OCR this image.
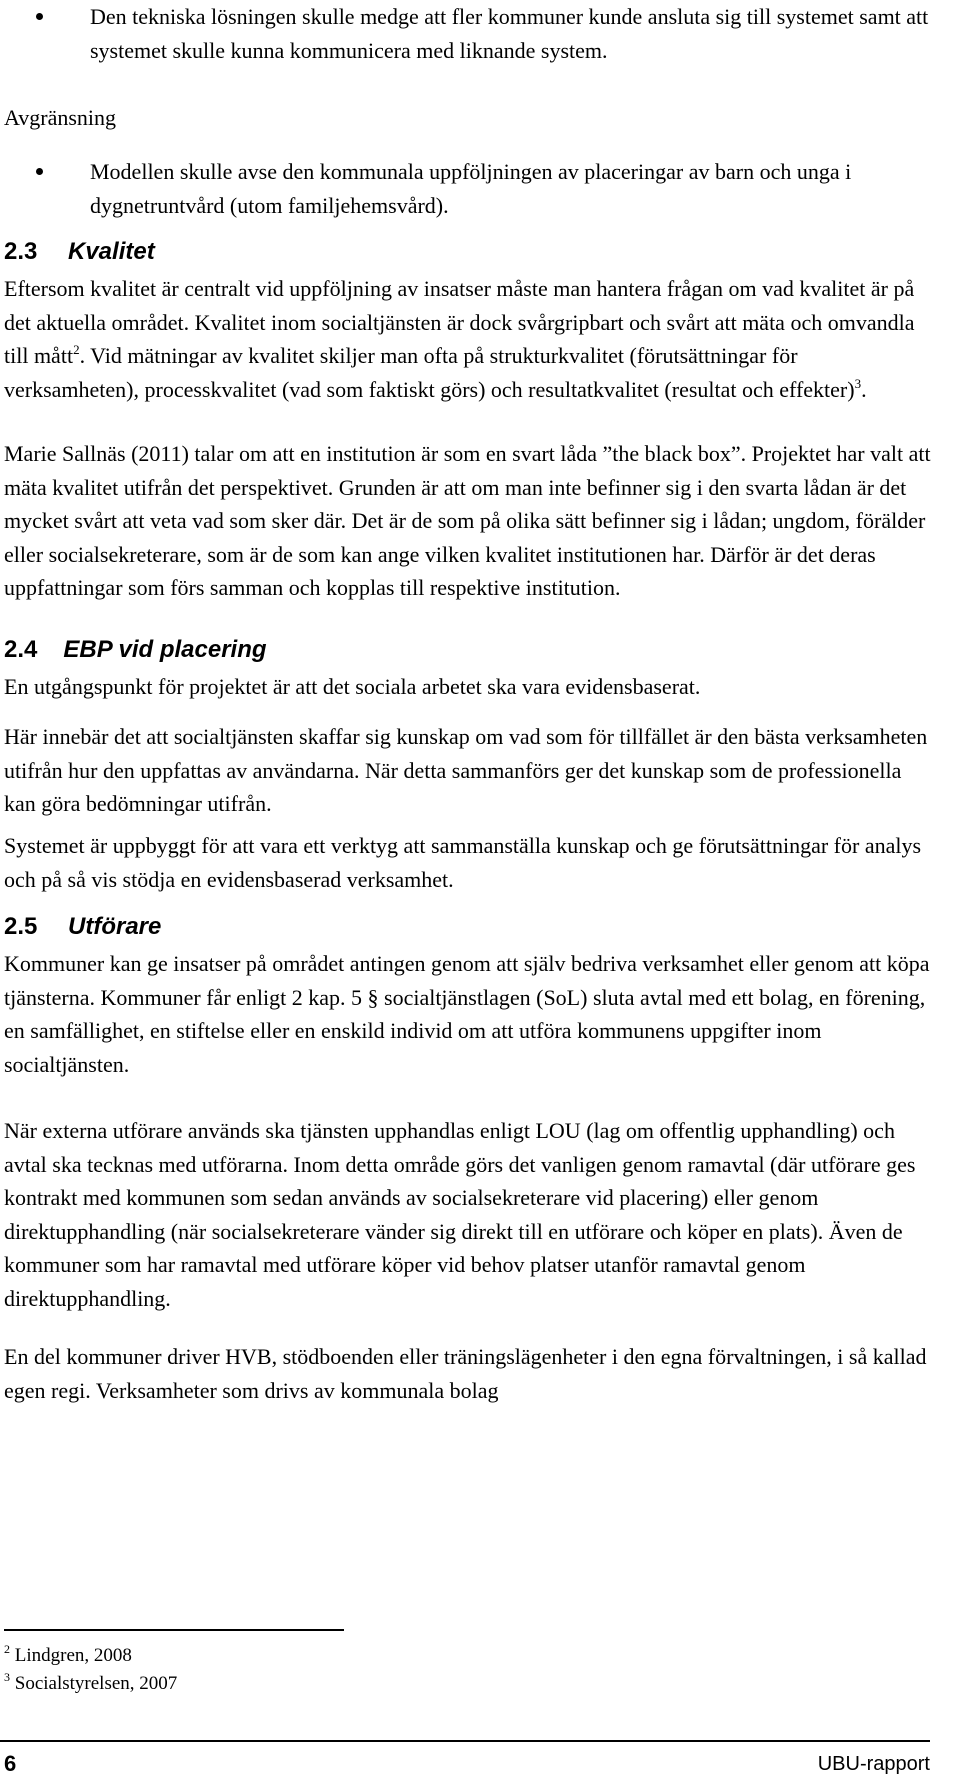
Den tekniska lösningen skulle medge att fler kommuner kunde ansluta sig till systemet samt att systemet skulle kunna kommunicera med liknande system.
Avgränsning
Modellen skulle avse den kommunala uppföljningen av placeringar av barn och unga i dygnetruntvård (utom familjehemsvård).
2.3 Kvalitet
Eftersom kvalitet är centralt vid uppföljning av insatser måste man hantera frågan om vad kvalitet är på det aktuella området. Kvalitet inom socialtjänsten är dock svårgripbart och svårt att mäta och omvandla till mått$^2$. Vid mätningar av kvalitet skiljer man ofta på strukturkvalitet (förutsättningar för verksamheten), processkvalitet (vad som faktiskt görs) och resultatkvalitet (resultat och effekter)$^3$.
Marie Sallnäs (2011) talar om att en institution är som en svart låda ”the black box”. Projektet har valt att mäta kvalitet utifrån det perspektivet. Grunden är att om man inte befinner sig i den svarta lådan är det mycket svårt att veta vad som sker där. Det är de som på olika sätt befinner sig i lådan; ungdom, förälder eller socialsekreterare, som är de som kan ange vilken kvalitet institutionen har. Därför är det deras uppfattningar som förs samman och kopplas till respektive institution.
2.4 EBP vid placering
En utgångspunkt för projektet är att det sociala arbetet ska vara evidensbaserat.
Här innebär det att socialtjänsten skaffar sig kunskap om vad som för tillfället är den bästa verksamheten utifrån hur den uppfattas av användarna. När detta sammanförs ger det kunskap som de professionella kan göra bedömningar utifrån.
Systemet är uppbyggt för att vara ett verktyg att sammanställa kunskap och ge förutsättningar för analys och på så vis stödja en evidensbaserad verksamhet.
2.5 Utförare
Kommuner kan ge insatser på området antingen genom att själv bedriva verksamhet eller genom att köpa tjänsterna. Kommuner får enligt 2 kap. 5 § socialtjänstlagen (SoL) sluta avtal med ett bolag, en förening, en samfällighet, en stiftelse eller en enskild individ om att utföra kommunens uppgifter inom socialtjänsten.
När externa utförare används ska tjänsten upphandlas enligt LOU (lag om offentlig upphandling) och avtal ska tecknas med utförarna. Inom detta område görs det vanligen genom ramavtal (där utförare ges kontrakt med kommunen som sedan används av socialsekreterare vid placering) eller genom direktupphandling (när socialsekreterare vänder sig direkt till en utförare och köper en plats). Även de kommuner som har ramavtal med utförare köper vid behov platser utanför ramavtal genom direktupphandling.
En del kommuner driver HVB, stödboenden eller träningslägenheter i den egna förvaltningen, i så kallad egen regi. Verksamheter som drivs av kommunala bolag
$^2$ Lindgren, 2008
$^3$ Socialstyrelsen, 2007
6	UBU-rapport
